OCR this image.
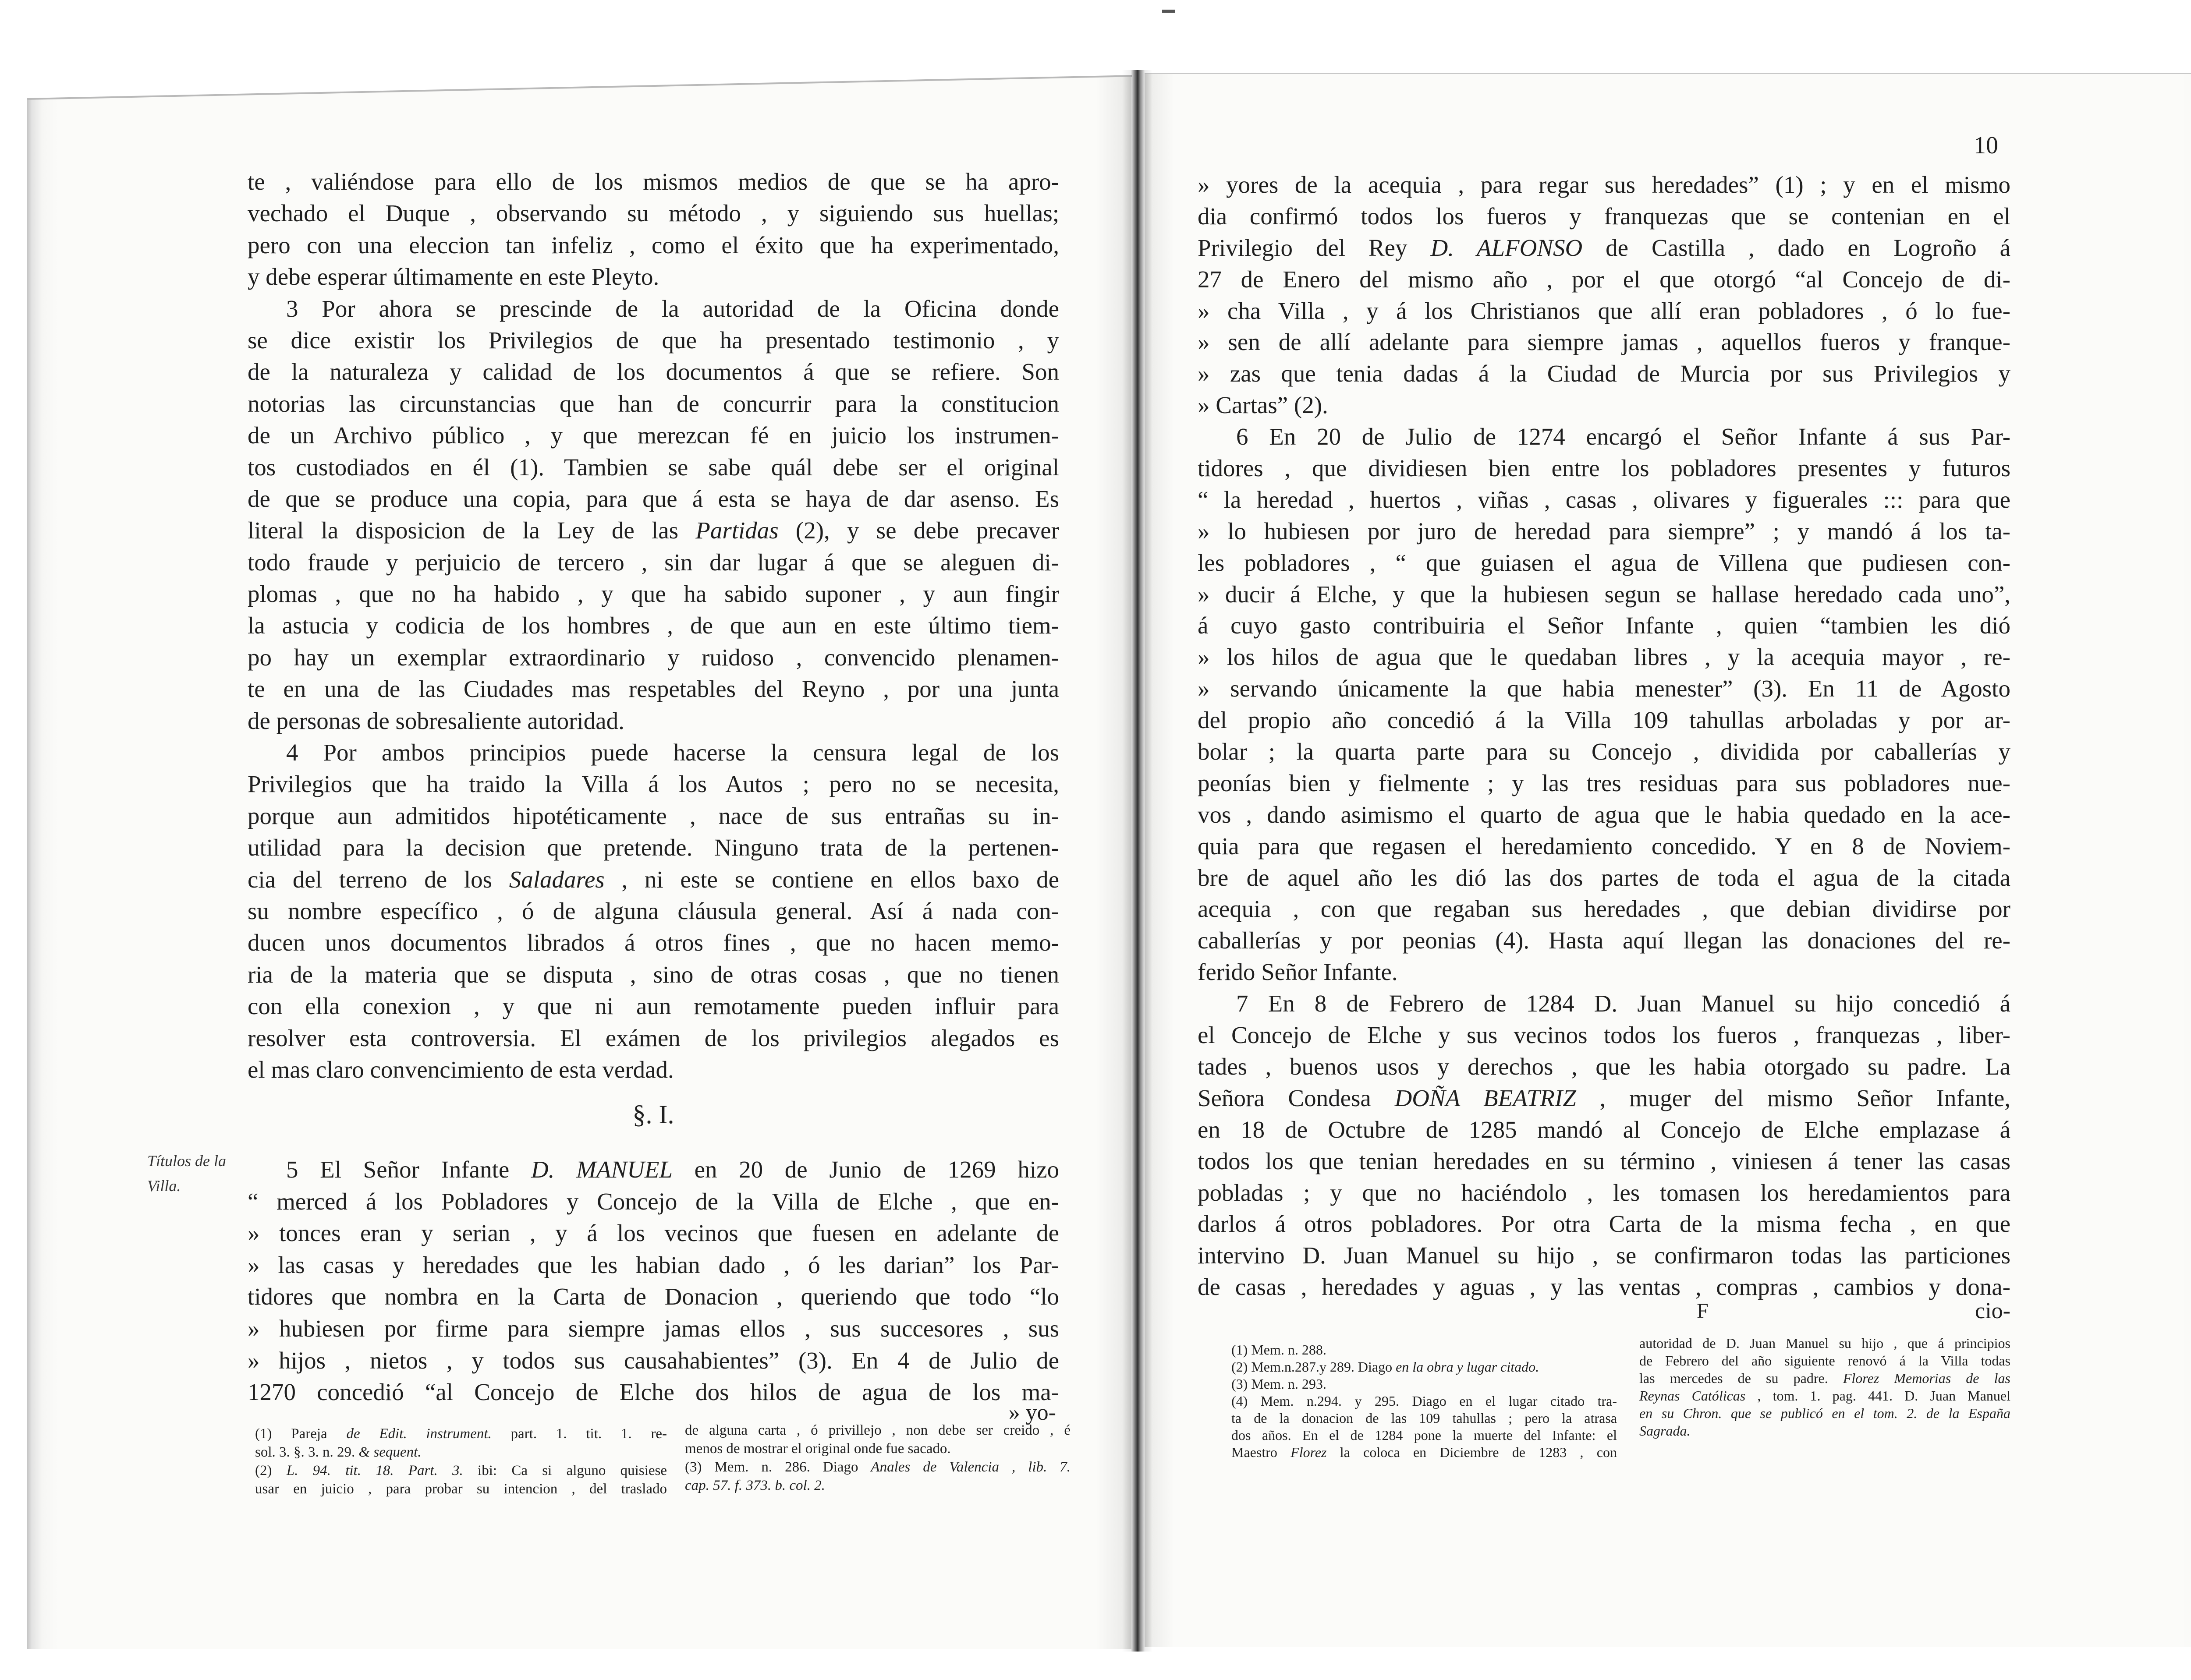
te , valiéndose para ello de los mismos medios de que se ha apro-
vechado el Duque , observando su método , y siguiendo sus huellas;
pero con una eleccion tan infeliz , como el éxito que ha experimentado,
y debe esperar últimamente en este Pleyto.
3 Por ahora se prescinde de la autoridad de la Oficina donde
se dice existir los Privilegios de que ha presentado testimonio , y
de la naturaleza y calidad de los documentos á que se refiere. Son
notorias las circunstancias que han de concurrir para la constitucion
de un Archivo público , y que merezcan fé en juicio los instrumen-
tos custodiados en él (1). Tambien se sabe quál debe ser el original
de que se produce una copia, para que á esta se haya de dar asenso. Es
literal la disposicion de la Ley de las Partidas (2), y se debe precaver
todo fraude y perjuicio de tercero , sin dar lugar á que se aleguen di-
plomas , que no ha habido , y que ha sabido suponer , y aun fingir
la astucia y codicia de los hombres , de que aun en este último tiem-
po hay un exemplar extraordinario y ruidoso , convencido plenamen-
te en una de las Ciudades mas respetables del Reyno , por una junta
de personas de sobresaliente autoridad.
4 Por ambos principios puede hacerse la censura legal de los
Privilegios que ha traido la Villa á los Autos ; pero no se necesita,
porque aun admitidos hipotéticamente , nace de sus entrañas su in-
utilidad para la decision que pretende. Ninguno trata de la pertenen-
cia del terreno de los Saladares , ni este se contiene en ellos baxo de
su nombre específico , ó de alguna cláusula general. Así á nada con-
ducen unos documentos librados á otros fines , que no hacen memo-
ria de la materia que se disputa , sino de otras cosas , que no tienen
con ella conexion , y que ni aun remotamente pueden influir para
resolver esta controversia. El exámen de los privilegios alegados es
el mas claro convencimiento de esta verdad.
§. I.
Títulos de la
Villa.
5 El Señor Infante D. MANUEL en 20 de Junio de 1269 hizo
“ merced á los Pobladores y Concejo de la Villa de Elche , que en-
» tonces eran y serian , y á los vecinos que fuesen en adelante de
» las casas y heredades que les habian dado , ó les darian” los Par-
tidores que nombra en la Carta de Donacion , queriendo que todo “lo
» hubiesen por firme para siempre jamas ellos , sus succesores , sus
» hijos , nietos , y todos sus causahabientes” (3). En 4 de Julio de
1270 concedió “al Concejo de Elche dos hilos de agua de los ma-
» yo-
(1) Pareja de Edit. instrument. part. 1. tit. 1. re-
sol. 3. §. 3. n. 29. & sequent.
(2) L. 94. tit. 18. Part. 3. ibi: Ca si alguno quisiese
usar en juicio , para probar su intencion , del traslado
de alguna carta , ó privillejo , non debe ser creido , é
menos de mostrar el original onde fue sacado.
(3) Mem. n. 286. Diago Anales de Valencia , lib. 7.
cap. 57. f. 373. b. col. 2.
10
» yores de la acequia , para regar sus heredades” (1) ; y en el mismo
dia confirmó todos los fueros y franquezas que se contenian en el
Privilegio del Rey D. ALFONSO de Castilla , dado en Logroño á
27 de Enero del mismo año , por el que otorgó “al Concejo de di-
» cha Villa , y á los Christianos que allí eran pobladores , ó lo fue-
» sen de allí adelante para siempre jamas , aquellos fueros y franque-
» zas que tenia dadas á la Ciudad de Murcia por sus Privilegios y
» Cartas” (2).
6 En 20 de Julio de 1274 encargó el Señor Infante á sus Par-
tidores , que dividiesen bien entre los pobladores presentes y futuros
“ la heredad , huertos , viñas , casas , olivares y figuerales ::: para que
» lo hubiesen por juro de heredad para siempre” ; y mandó á los ta-
les pobladores , “ que guiasen el agua de Villena que pudiesen con-
» ducir á Elche, y que la hubiesen segun se hallase heredado cada uno”,
á cuyo gasto contribuiria el Señor Infante , quien “tambien les dió
» los hilos de agua que le quedaban libres , y la acequia mayor , re-
» servando únicamente la que habia menester” (3). En 11 de Agosto
del propio año concedió á la Villa 109 tahullas arboladas y por ar-
bolar ; la quarta parte para su Concejo , dividida por caballerías y
peonías bien y fielmente ; y las tres residuas para sus pobladores nue-
vos , dando asimismo el quarto de agua que le habia quedado en la ace-
quia para que regasen el heredamiento concedido. Y en 8 de Noviem-
bre de aquel año les dió las dos partes de toda el agua de la citada
acequia , con que regaban sus heredades , que debian dividirse por
caballerías y por peonias (4). Hasta aquí llegan las donaciones del re-
ferido Señor Infante.
7 En 8 de Febrero de 1284 D. Juan Manuel su hijo concedió á
el Concejo de Elche y sus vecinos todos los fueros , franquezas , liber-
tades , buenos usos y derechos , que les habia otorgado su padre. La
Señora Condesa DOÑA BEATRIZ , muger del mismo Señor Infante,
en 18 de Octubre de 1285 mandó al Concejo de Elche emplazase á
todos los que tenian heredades en su término , viniesen á tener las casas
pobladas ; y que no haciéndolo , les tomasen los heredamientos para
darlos á otros pobladores. Por otra Carta de la misma fecha , en que
intervino D. Juan Manuel su hijo , se confirmaron todas las particiones
de casas , heredades y aguas , y las ventas , compras , cambios y dona-
F	cio-
(1) Mem. n. 288.
(2) Mem.n.287.y 289. Diago en la obra y lugar citado.
(3) Mem. n. 293.
(4) Mem. n.294. y 295. Diago en el lugar citado tra-
ta de la donacion de las 109 tahullas ; pero la atrasa
dos años. En el de 1284 pone la muerte del Infante: el
Maestro Florez la coloca en Diciembre de 1283 , con
autoridad de D. Juan Manuel su hijo , que á principios
de Febrero del año siguiente renovó á la Villa todas
las mercedes de su padre. Florez Memorias de las
Reynas Católicas , tom. 1. pag. 441. D. Juan Manuel
en su Chron. que se publicó en el tom. 2. de la España
Sagrada.
